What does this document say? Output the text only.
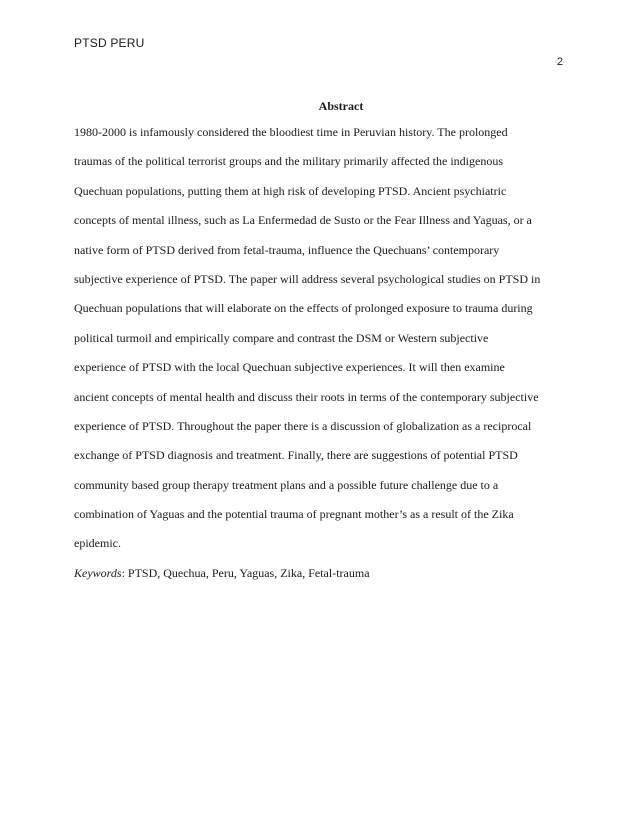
PTSD PERU

2

Abstract
1980-2000 is infamously considered the bloodiest time in Peruvian history. The prolonged
traumas of the political terrorist groups and the military primarily affected the indigenous
Quechuan populations, putting them at high risk of developing PTSD. Ancient psychiatric
concepts of mental illness, such as La Enfermedad de Susto or the Fear Illness and Yaguas, or a
native form of PTSD derived from fetal-trauma, influence the Quechuans’ contemporary
subjective experience of PTSD. The paper will address several psychological studies on PTSD in
Quechuan populations that will elaborate on the effects of prolonged exposure to trauma during
political turmoil and empirically compare and contrast the DSM or Western subjective
experience of PTSD with the local Quechuan subjective experiences. It will then examine
ancient concepts of mental health and discuss their roots in terms of the contemporary subjective
experience of PTSD. Throughout the paper there is a discussion of globalization as a reciprocal
exchange of PTSD diagnosis and treatment. Finally, there are suggestions of potential PTSD
community based group therapy treatment plans and a possible future challenge due to a
combination of Yaguas and the potential trauma of pregnant mother’s as a result of the Zika
epidemic.
Keywords: PTSD, Quechua, Peru, Yaguas, Zika, Fetal-trauma
